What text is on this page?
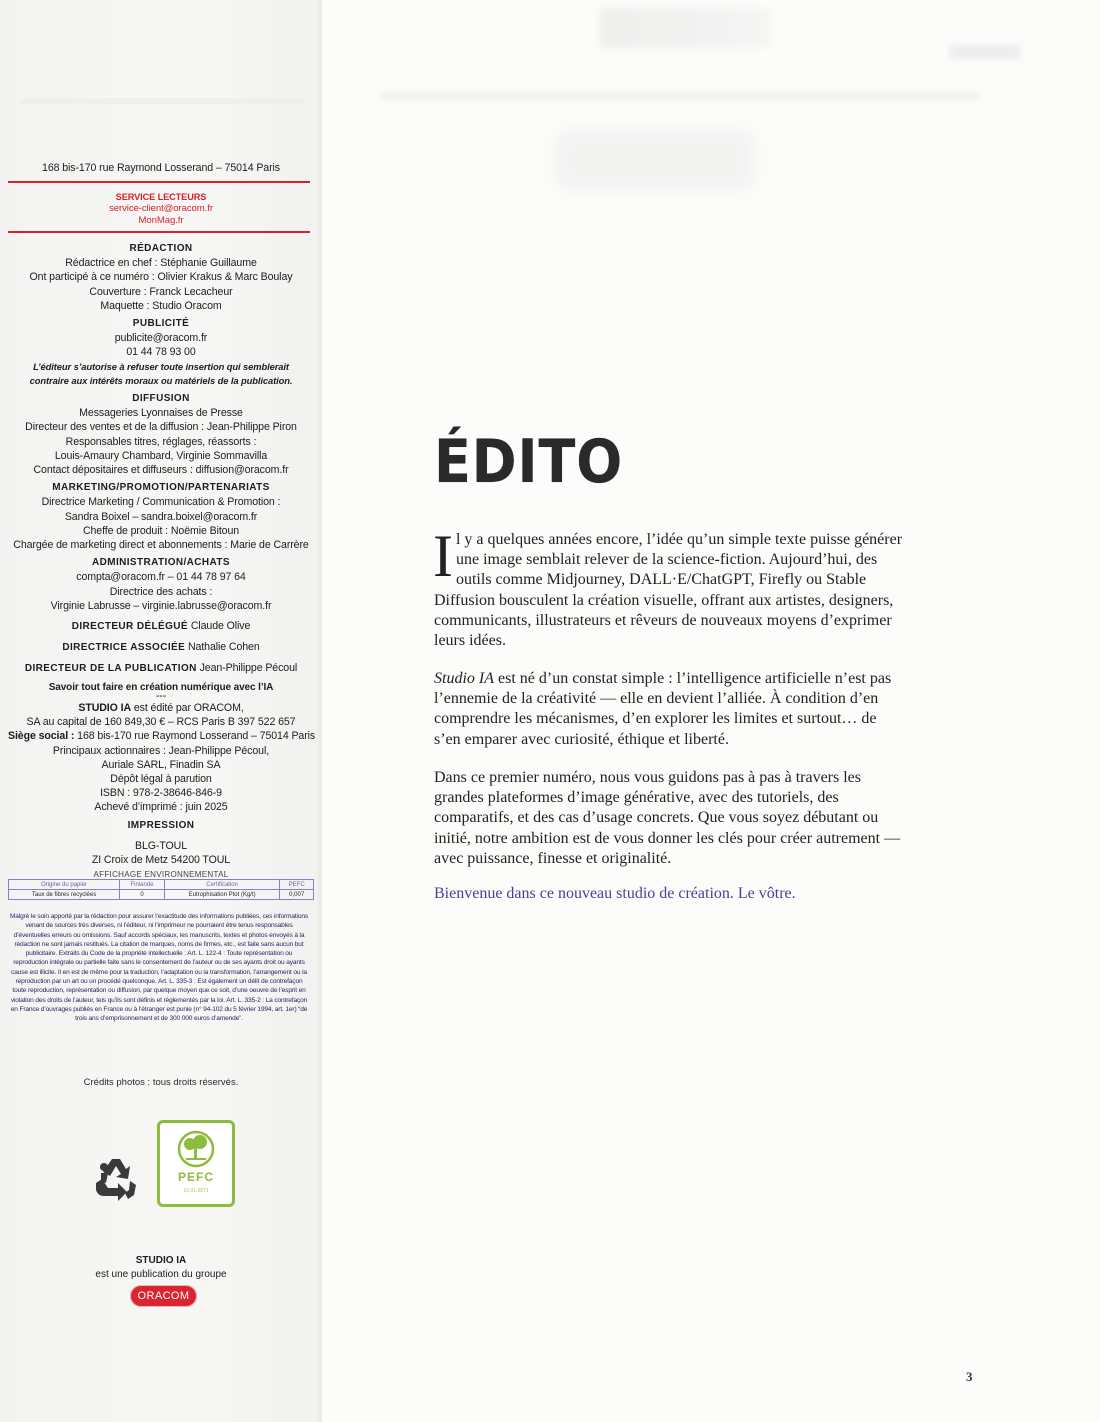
168 bis-170 rue Raymond Losserand – 75014 Paris

SERVICE LECTEURS

service-client@oracom.fr

MonMag.fr

RÉDACTION

Rédactrice en chef : Stéphanie Guillaume

Ont participé à ce numéro : Olivier Krakus & Marc Boulay

Couverture : Franck Lecacheur

Maquette : Studio Oracom

PUBLICITÉ

publicite@oracom.fr

01 44 78 93 00

L’éditeur s’autorise à refuser toute insertion qui semblerait

contraire aux intérêts moraux ou matériels de la publication.

DIFFUSION

Messageries Lyonnaises de Presse

Directeur des ventes et de la diffusion : Jean-Philippe Piron

Responsables titres, réglages, réassorts :

Louis-Amaury Chambard, Virginie Sommavilla

Contact dépositaires et diffuseurs : diffusion@oracom.fr

MARKETING/PROMOTION/PARTENARIATS

Directrice Marketing / Communication & Promotion :

Sandra Boixel – sandra.boixel@oracom.fr

Cheffe de produit : Noëmie Bitoun

Chargée de marketing direct et abonnements : Marie de Carrère

ADMINISTRATION/ACHATS

compta@oracom.fr – 01 44 78 97 64

Directrice des achats :

Virginie Labrusse – virginie.labrusse@oracom.fr

DIRECTEUR DÉLÉGUÉ Claude Olive

DIRECTRICE ASSOCIÉE Nathalie Cohen

DIRECTEUR DE LA PUBLICATION Jean-Philippe Pécoul

Savoir tout faire en création numérique avec l’IA

---

STUDIO IA est édité par ORACOM,

SA au capital de 160 849,30 € – RCS Paris B 397 522 657

Siège social : 168 bis-170 rue Raymond Losserand – 75014 Paris

Principaux actionnaires : Jean-Philippe Pécoul,

Auriale SARL, Finadin SA

Dépôt légal à parution

ISBN : 978-2-38646-846-9

Achevé d’imprimé : juin 2025

IMPRESSION

BLG-TOUL

ZI Croix de Metz 54200 TOUL

AFFICHAGE ENVIRONNEMENTAL
Origine du papier	Finlande	Certification	PEFC
Taux de fibres recyclées	0	Eutrophisation Ptot (Kg/t)	0,007
Malgré le soin apporté par la rédaction pour assurer l’exactitude des informations publiées, ces informations venant de sources très diverses, ni l’éditeur, ni l’imprimeur ne pourraient être tenus responsables d’éventuelles erreurs ou omissions. Sauf accords spéciaux, les manuscrits, textes et photos envoyés à la rédaction ne sont jamais restitués. La citation de marques, noms de firmes, etc., est faite sans aucun but publicitaire. Extraits du Code de la propriété intellectuelle : Art. L. 122-4 : Toute représentation ou reproduction intégrale ou partielle faite sans le consentement de l’auteur ou de ses ayants droit ou ayants cause est illicite. Il en est de même pour la traduction, l’adaptation ou la transformation, l’arrangement ou la reproduction par un art ou un procédé quelconque. Art. L. 335-3 : Est également un délit de contrefaçon toute reproduction, représentation ou diffusion, par quelque moyen que ce soit, d’une oeuvre de l’esprit en violation des droits de l’auteur, tels qu’ils sont définis et réglementés par la loi. Art. L. 335-2 : La contrefaçon en France d’ouvrages publiés en France ou à l’étranger est punie (n° 94-102 du 5 février 1994, art. 1er) “de trois ans d’emprisonnement et de 300 000 euros d’amende”.
Crédits photos : tous droits réservés.
PEFC
10-31-2071
STUDIO IA
est une publication du groupe
ORACOM
ÉDITO
Il y a quelques années encore, l’idée qu’un simple texte puisse générer une image semblait relever de la science-fiction. Aujourd’hui, des outils comme Midjourney, DALL·E/ChatGPT, Firefly ou Stable Diffusion bousculent la création visuelle, offrant aux artistes, designers, communicants, illustrateurs et rêveurs de nouveaux moyens d’exprimer leurs idées.
Studio IA est né d’un constat simple : l’intelligence artificielle n’est pas l’ennemie de la créativité — elle en devient l’alliée. À condition d’en comprendre les mécanismes, d’en explorer les limites et surtout… de s’en emparer avec curiosité, éthique et liberté.
Dans ce premier numéro, nous vous guidons pas à pas à travers les grandes plateformes d’image générative, avec des tutoriels, des comparatifs, et des cas d’usage concrets. Que vous soyez débutant ou initié, notre ambition est de vous donner les clés pour créer autrement — avec puissance, finesse et originalité.
Bienvenue dans ce nouveau studio de création. Le vôtre.
3
